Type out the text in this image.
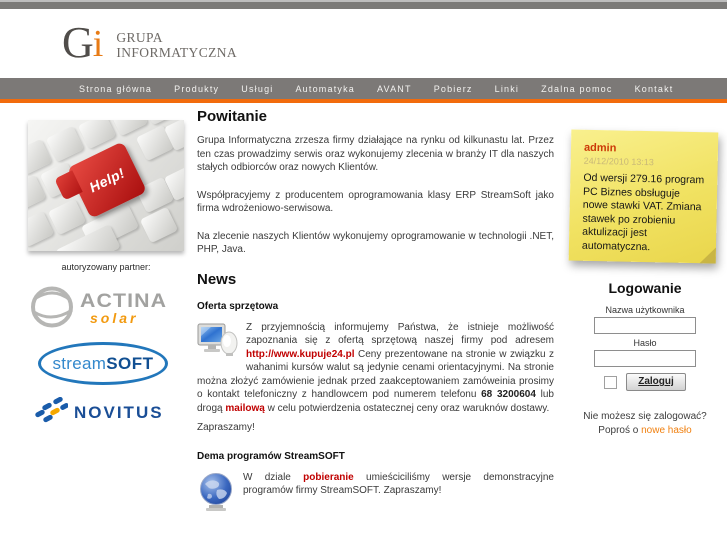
G i GRUPA
INFORMATYCZNA
Strona główna	Produkty	Usługi	Automatyka	AVANT	Pobierz	Linki	Zdalna pomoc	Kontakt
Help!
autoryzowany partner:
ACTINA
solar
stream SOFT
NOVITUS
Powitanie

Grupa Informatyczna zrzesza firmy działające na rynku od kilkunastu lat. Przez ten czas prowadzimy serwis oraz wykonujemy zlecenia w branży IT dla naszych stałych odbiorców oraz nowych Klientów.

Współpracyjemy z producentem oprogramowania klasy ERP StreamSoft jako firma wdrożeniowo-serwisowa.

Na zlecenie naszych Klientów wykonujemy oprogramowanie w technologii .NET, PHP, Java.

News
Oferta sprzętowa
Z przyjemnością informujemy Państwa, że istnieje możliwość zapoznania się z ofertą sprzętową naszej firmy pod adresem http://www.kupuje24.pl Ceny prezentowane na stronie w związku z wahanimi kursów walut są jedynie cenami orientacyjnymi. Na stronie można złożyć zamówienie jednak przed zaakceptowaniem zamóweinia prosimy o kontakt telefoniczny z handlowcem pod numerem telefonu 68 3200604 lub drogą mailową w celu potwierdzenia ostatecznej ceny oraz waruknów dostawy.
Zapraszamy!
Dema programów StreamSOFT
W dziale pobieranie umieściciliśmy wersje demonstracyjne programów firmy StreamSOFT. Zapraszamy!
admin
24/12/2010 13:13
Od wersji 279.16 program PC Biznes obsługuje nowe stawki VAT. Zmiana stawek po zrobieniu aktulizacji jest automatyczna.
Logowanie
Nazwa użytkownika
Hasło
Zaloguj
Nie możesz się zalogować?
Poproś o nowe hasło
